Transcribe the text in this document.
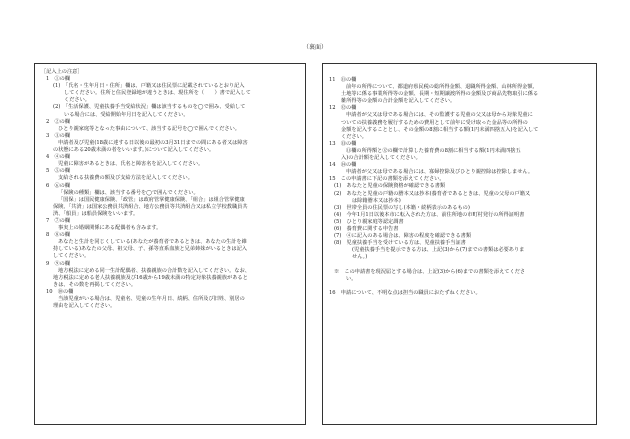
（裏面）
［記入上の注意］
1　①の欄
(1)　「氏名・生年月日・住所」欄は、戸籍又は住民票に記載されているとおり記入
してください。住所と住民登録地が違うときは、現住所を（　　）書で記入して
ください。
(2)　「生活保護、児童扶養手当受給状況」欄は該当するものを◯で囲み、受給して
いる場合には、受給開始年月日を記入してください。
2　②の欄
ひとり親家庭等となった事由について、該当する記号を◯で囲んでください。
3　③の欄
申請者及び児童(18歳に達する日以後の最初の3月31日までの間にある者又は障害
の状態にある20歳未満の者をいいます。)について記入してください。
4　④の欄
児童に障害があるときは、氏名と障害名を記入してください。
5　⑤の欄
支給される扶養費の額及び支給方法を記入してください。
6　⑥の欄
「保険の種類」欄は、該当する番号を◯で囲んでください。
「国保」は国民健康保険、「政管」は政府管掌健康保険、「組合」は組合管掌健康
保険、「共済」は国家公務員共済組合、地方公務員等共済組合又は私立学校教職員共
済、「船員」は船員保険をいいます。
7　⑦の欄
事実上の婚姻関係にある配偶者も含みます。
8　⑧の欄
あなたと生計を同じくしている(あなたが養育者であるときは、あなたの生計を維
持している)あなたの父母、祖父母、子、孫等直系血族と兄弟姉妹がいるときは記入
してください。
9　⑨の欄
地方税法に定める同一生計配偶者、扶養親族の合計数を記入してください。なお、
地方税法に定める老人扶養親族及び16歳から19歳未満の特定対象扶養親族があると
きは、その数を再掲してください。
10　⑩の欄
当該児童がいる場合は、児童名、児童の生年月日、続柄、住所及び旧姓、別居の
理由を記入してください。
11　⑪の欄
前年の所得について、都道府県民税の総所得金額、退職所得金額、山林所得金額、
土地等に係る事業所得等の金額、長期・短期譲渡所得の金額及び商品先物取引に係る
雑所得等の金額の合計金額を記入してください。
12　⑫の欄
申請者が父又は母である場合には、その監護する児童の父又は母から対象児童に
ついての扶養義務を履行するための費用として前年に受け取った金品等の所得の
金額を記入することとし、その金額の8割に相当する額(1円未満四捨五入)を記入して
ください。
13　⑬の欄
⑪欄の所得額と⑫の欄で計算した養育費の8割に相当する額(1円未満四捨五
入)の合計額を記入してください。
14　⑭の欄
申請者が父又は母である場合には、寡婦控除及びひとり親控除は控除しません。
15　この申請書に下記の書類を添えてください。
(1)　あなたと児童の保険資格が確認できる書類
(2)　あなたと児童の戸籍の謄本又は抄本(養育者であるときは、児童の父母の戸籍又
は除籍謄本又は抄本)
(3)　世帯全員の住民票の写し(本籍・続柄表示のあるもの)
(4)　今年1月1日以後本市に転入された方は、前住所地の市町村発行の所得証明書
(5)　ひとり親家庭等認定調書
(6)　養育費に関する申告書
(7)　④に記入のある場合は、障害の程度を確認できる書類
(8)　児童扶養手当を受けている方は、児童扶養手当証書
(児童扶養手当を提示できる方は、上記(3)から(7)までの書類は必要ありま
せん。)
※　この申請書を現況届とする場合は、上記(3)から(6)までの書類を添えてくださ
い。
16　申請について、不明な点は担当の職員におたずねください。
